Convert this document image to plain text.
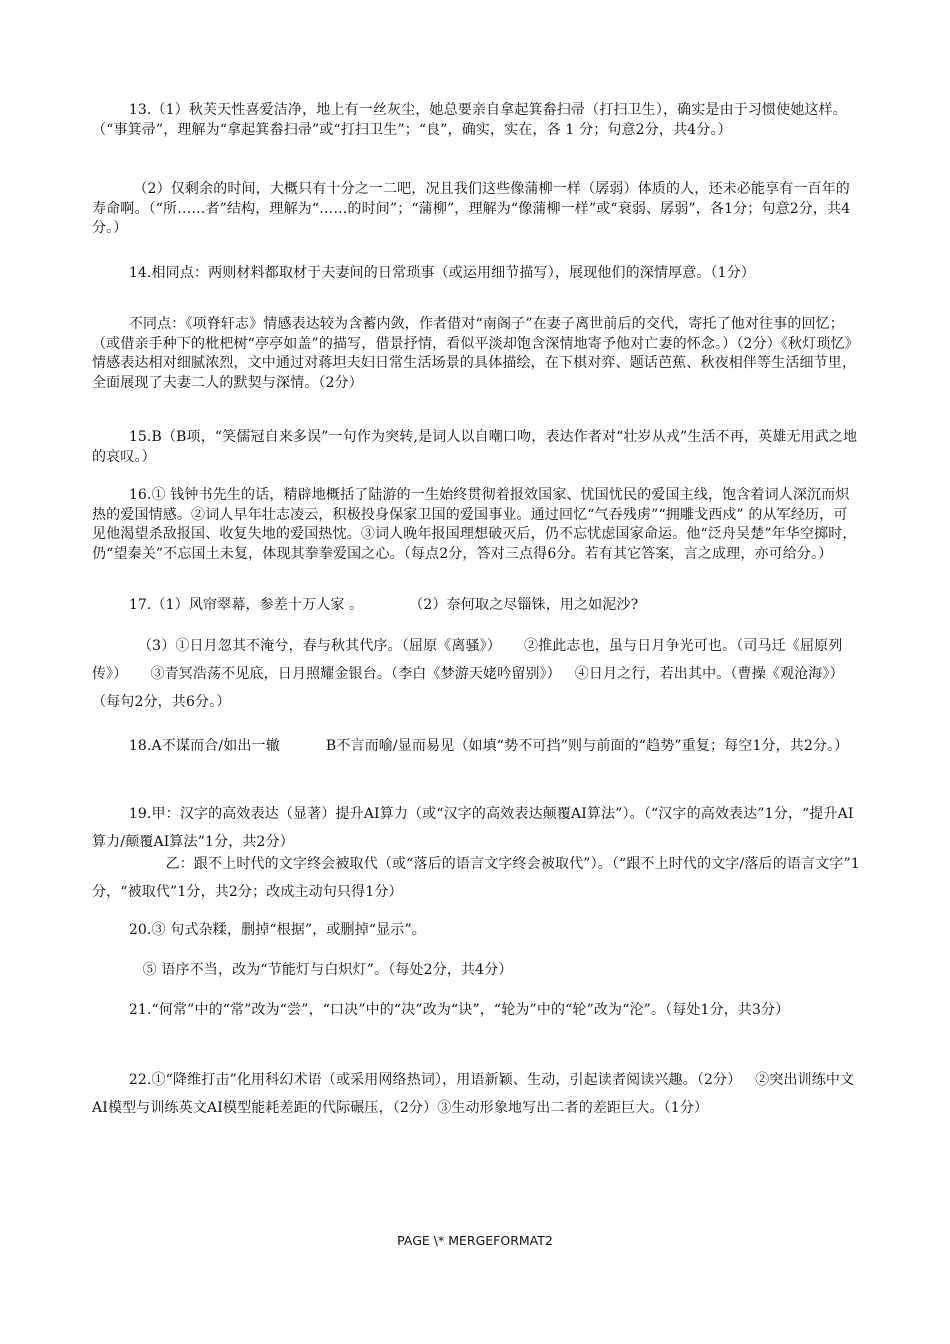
13.（1）秋芙天性喜爱洁净，地上有一丝灰尘，她总要亲自拿起箕畚扫帚（打扫卫生），确实是由于习惯使她这样。（“事箕帚”，理解为“拿起箕畚扫帚”或“打扫卫生”；“良”，确实，实在，各 1 分；句意2分，共4分。）

（2）仅剩余的时间，大概只有十分之一二吧，况且我们这些像蒲柳一样（孱弱）体质的人，还未必能享有一百年的寿命啊。（“所……者”结构，理解为“……的时间”；“蒲柳”，理解为“像蒲柳一样”或“衰弱、孱弱”，各1分；句意2分，共4分。）

14.相同点：两则材料都取材于夫妻间的日常琐事（或运用细节描写），展现他们的深情厚意。（1分）

不同点：《项脊轩志》情感表达较为含蓄内敛，作者借对“南阁子”在妻子离世前后的交代，寄托了他对往事的回忆；（或借亲手种下的枇杷树“亭亭如盖”的描写，借景抒情，看似平淡却饱含深情地寄予他对亡妻的怀念。）（2分）《秋灯琐忆》情感表达相对细腻浓烈，文中通过对蒋坦夫妇日常生活场景的具体描绘，在下棋对弈、题话芭蕉、秋夜相伴等生活细节里，全面展现了夫妻二人的默契与深情。（2分）

15.B（B项，“笑儒冠自来多误”一句作为突转,是词人以自嘲口吻，表达作者对“壮岁从戎”生活不再，英雄无用武之地的哀叹。）

16.① 钱钟书先生的话，精辟地概括了陆游的一生始终贯彻着报效国家、忧国忧民的爱国主线，饱含着词人深沉而炽热的爱国情感。②词人早年壮志凌云，积极投身保家卫国的爱国事业。通过回忆“气吞残虏”“拥雕戈西戍” 的从军经历，可见他渴望杀敌报国、收复失地的爱国热忱。③词人晚年报国理想破灭后，仍不忘忧虑国家命运。他“泛舟吴楚”年华空掷时，仍“望秦关”不忘国土未复，体现其拳拳爱国之心。（每点2分，答对三点得6分。若有其它答案，言之成理，亦可给分。）

17.（1）风帘翠幕，参差十万人家 。          （2）奈何取之尽锱铢，用之如泥沙?

（3）①日月忽其不淹兮，春与秋其代序。（屈原《离骚》）     ②推此志也，虽与日月争光可也。（司马迁《屈原列传》）     ③青冥浩荡不见底，日月照耀金银台。（李白《梦游天姥吟留别》）   ④日月之行，若出其中。（曹操《观沧海》）（每句2分，共6分。）

18.A不谋而合/如出一辙          B不言而喻/显而易见（如填“势不可挡”则与前面的“趋势”重复；每空1分，共2分。）

19.甲：汉字的高效表达（显著）提升AI算力（或“汉字的高效表达颠覆AI算法”）。（“汉字的高效表达”1分，“提升AI算力/颠覆AI算法”1分，共2分）

乙：跟不上时代的文字终会被取代（或“落后的语言文字终会被取代”）。（“跟不上时代的文字/落后的语言文字”1分，“被取代”1分，共2分；改成主动句只得1分）

20.③ 句式杂糅，删掉“根据”，或删掉“显示”。

⑤ 语序不当，改为“节能灯与白炽灯”。（每处2分，共4分）

21.“何常”中的“常”改为“尝”，“口决”中的“决”改为“诀”，“轮为”中的“轮”改为“沦”。（每处1分，共3分）

22.①“降维打击”化用科幻术语（或采用网络热词），用语新颖、生动，引起读者阅读兴趣。（2分）   ②突出训练中文AI模型与训练英文AI模型能耗差距的代际碾压，（2分）③生动形象地写出二者的差距巨大。（1分）

PAGE \* MERGEFORMAT2
